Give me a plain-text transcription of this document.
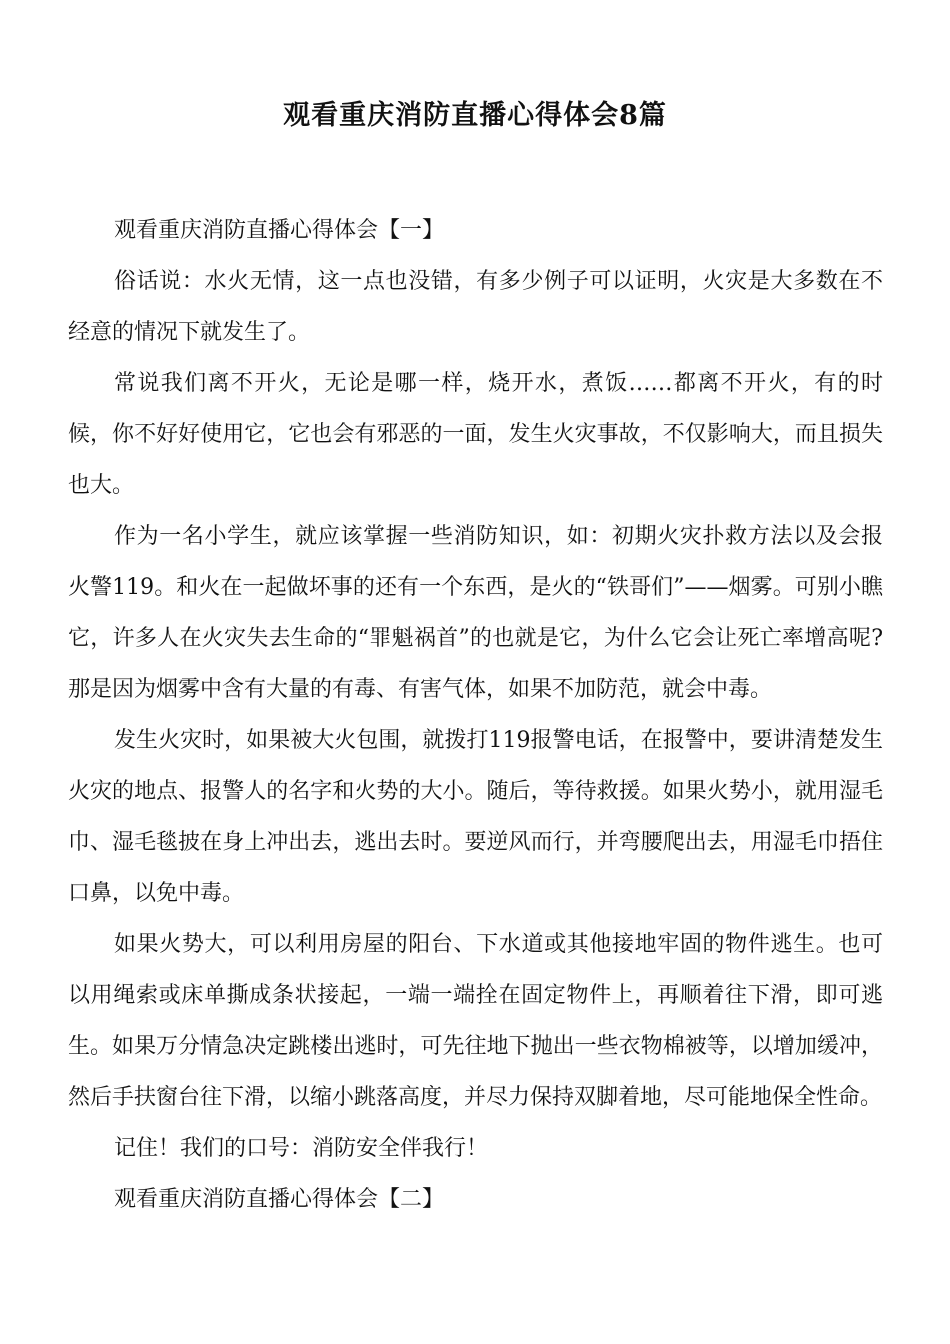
观看重庆消防直播心得体会8篇

观看重庆消防直播心得体会【一】

俗话说：水火无情，这一点也没错，有多少例子可以证明，火灾是大多数在不经意的情况下就发生了。

常说我们离不开火，无论是哪一样，烧开水，煮饭……都离不开火，有的时候，你不好好使用它，它也会有邪恶的一面，发生火灾事故，不仅影响大，而且损失也大。

作为一名小学生，就应该掌握一些消防知识，如：初期火灾扑救方法以及会报火警119。和火在一起做坏事的还有一个东西，是火的“铁哥们”——烟雾。可别小瞧它，许多人在火灾失去生命的“罪魁祸首”的也就是它，为什么它会让死亡率增高呢?那是因为烟雾中含有大量的有毒、有害气体，如果不加防范，就会中毒。

发生火灾时，如果被大火包围，就拨打119报警电话，在报警中，要讲清楚发生火灾的地点、报警人的名字和火势的大小。随后，等待救援。如果火势小，就用湿毛巾、湿毛毯披在身上冲出去，逃出去时。要逆风而行，并弯腰爬出去，用湿毛巾捂住口鼻，以免中毒。

如果火势大，可以利用房屋的阳台、下水道或其他接地牢固的物件逃生。也可以用绳索或床单撕成条状接起，一端一端拴在固定物件上，再顺着往下滑，即可逃生。如果万分情急决定跳楼出逃时，可先往地下抛出一些衣物棉被等，以增加缓冲，然后手扶窗台往下滑，以缩小跳落高度，并尽力保持双脚着地，尽可能地保全性命。

记住！我们的口号：消防安全伴我行！

观看重庆消防直播心得体会【二】
